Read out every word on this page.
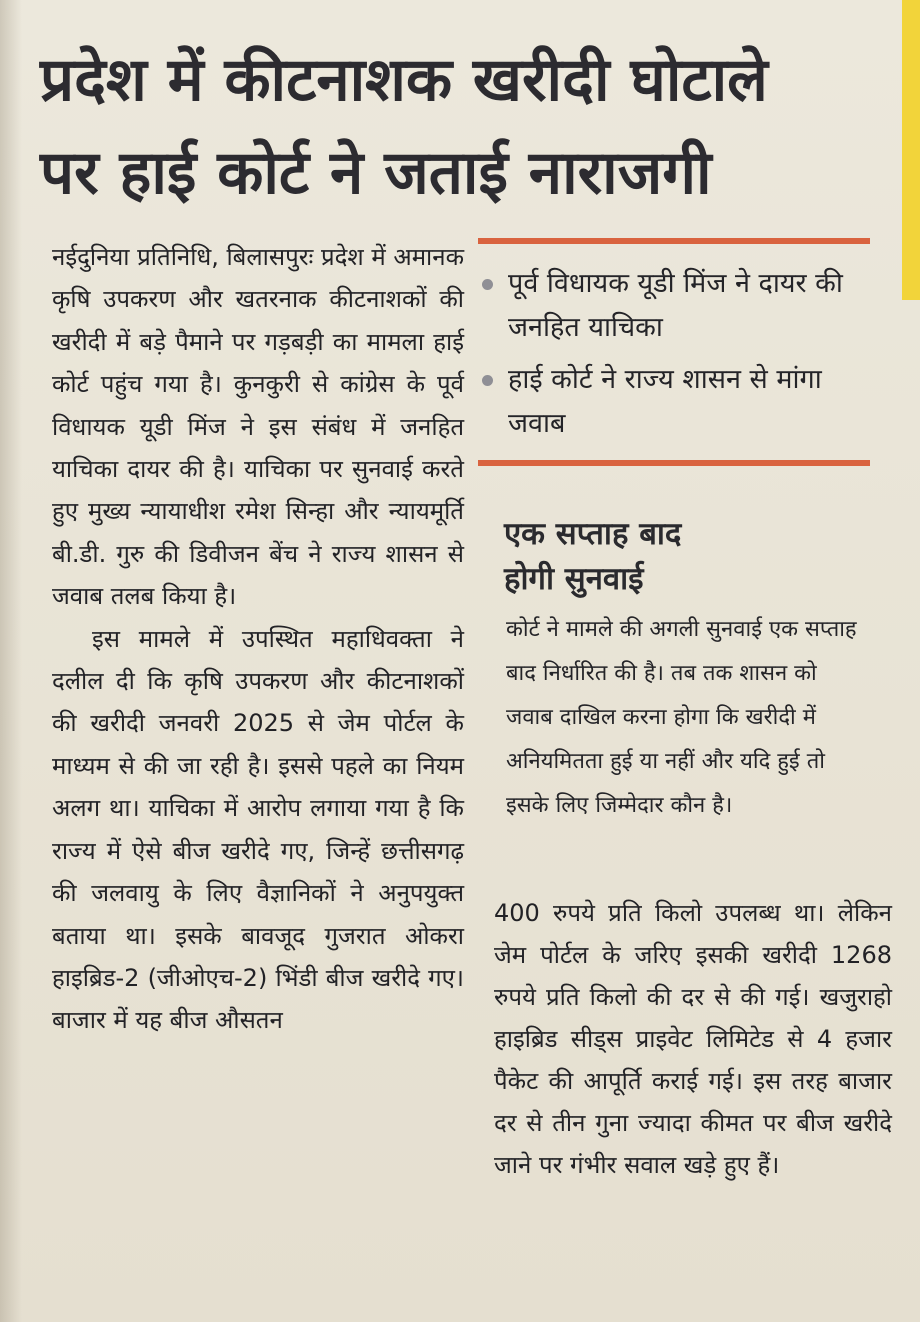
प्रदेश में कीटनाशक खरीदी घोटाले
पर हाई कोर्ट ने जताई नाराजगी

नईदुनिया प्रतिनिधि, बिलासपुरः प्रदेश में अमानक कृषि उपकरण और खतरनाक कीटनाशकों की खरीदी में बड़े पैमाने पर गड़बड़ी का मामला हाई कोर्ट पहुंच गया है। कुनकुरी से कांग्रेस के पूर्व विधायक यूडी मिंज ने इस संबंध में जनहित याचिका दायर की है। याचिका पर सुनवाई करते हुए मुख्य न्यायाधीश रमेश सिन्हा और न्यायमूर्ति बी.डी. गुरु की डिवीजन बेंच ने राज्य शासन से जवाब तलब किया है।

इस मामले में उपस्थित महाधिवक्ता ने दलील दी कि कृषि उपकरण और कीटनाशकों की खरीदी जनवरी 2025 से जेम पोर्टल के माध्यम से की जा रही है। इससे पहले का नियम अलग था। याचिका में आरोप लगाया गया है कि राज्य में ऐसे बीज खरीदे गए, जिन्हें छत्तीसगढ़ की जलवायु के लिए वैज्ञानिकों ने अनुपयुक्त बताया था। इसके बावजूद गुजरात ओकरा हाइब्रिड-2 (जीओएच-2) भिंडी बीज खरीदे गए। बाजार में यह बीज औसतन

पूर्व विधायक यूडी मिंज ने दायर की जनहित याचिका
हाई कोर्ट ने राज्य शासन से मांगा जवाब
एक सप्ताह बाद
होगी सुनवाई

कोर्ट ने मामले की अगली सुनवाई एक सप्ताह बाद निर्धारित की है। तब तक शासन को जवाब दाखिल करना होगा कि खरीदी में अनियमितता हुई या नहीं और यदि हुई तो इसके लिए जिम्मेदार कौन है।

400 रुपये प्रति किलो उपलब्ध था। लेकिन जेम पोर्टल के जरिए इसकी खरीदी 1268 रुपये प्रति किलो की दर से की गई। खजुराहो हाइब्रिड सीड्स प्राइवेट लिमिटेड से 4 हजार पैकेट की आपूर्ति कराई गई। इस तरह बाजार दर से तीन गुना ज्यादा कीमत पर बीज खरीदे जाने पर गंभीर सवाल खड़े हुए हैं।
